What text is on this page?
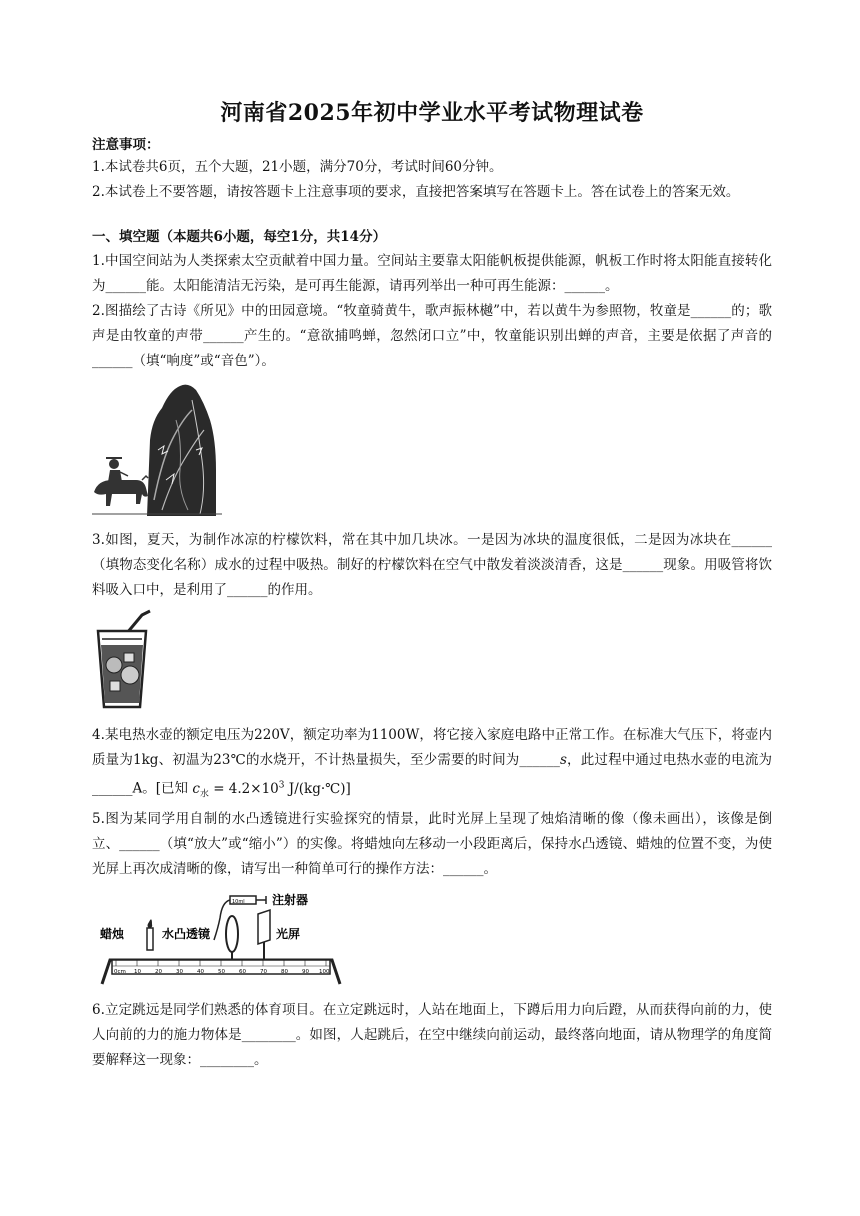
河南省2025年初中学业水平考试物理试卷
注意事项：

1.本试卷共6页，五个大题，21小题，满分70分，考试时间60分钟。

2.本试卷上不要答题，请按答题卡上注意事项的要求，直接把答案填写在答题卡上。答在试卷上的答案无效。

一、填空题（本题共6小题，每空1分，共14分）

1.中国空间站为人类探索太空贡献着中国力量。空间站主要靠太阳能帆板提供能源，帆板工作时将太阳能直接转化为______能。太阳能清洁无污染，是可再生能源，请再列举出一种可再生能源：______。

2.图描绘了古诗《所见》中的田园意境。“牧童骑黄牛，歌声振林樾”中，若以黄牛为参照物，牧童是______的；歌声是由牧童的声带______产生的。“意欲捕鸣蝉，忽然闭口立”中，牧童能识别出蝉的声音，主要是依据了声音的______（填“响度”或“音色”）。

3.如图，夏天，为制作冰凉的柠檬饮料，常在其中加几块冰。一是因为冰块的温度很低，二是因为冰块在______（填物态变化名称）成水的过程中吸热。制好的柠檬饮料在空气中散发着淡淡清香，这是______现象。用吸管将饮料吸入口中，是利用了______的作用。

4.某电热水壶的额定电压为220V，额定功率为1100W，将它接入家庭电路中正常工作。在标准大气压下，将壶内质量为1kg、初温为23℃的水烧开，不计热量损失，至少需要的时间为______s，此过程中通过电热水壶的电流为______A。[已知 $c_水 = 4.2\times 10^3$ J/(kg·℃)]

5.图为某同学用自制的水凸透镜进行实验探究的情景，此时光屏上呈现了烛焰清晰的像（像未画出），该像是倒立、______（填“放大”或“缩小”）的实像。将蜡烛向左移动一小段距离后，保持水凸透镜、蜡烛的位置不变，为使光屏上再次成清晰的像，请写出一种简单可行的操作方法：______。

10ml 注射器
蜡烛	水凸透镜	光屏
0cm 10	20	30	40	50	60	70	80	90 100

6.立定跳远是同学们熟悉的体育项目。在立定跳远时，人站在地面上，下蹲后用力向后蹬，从而获得向前的力，使人向前的力的施力物体是________。如图，人起跳后，在空中继续向前运动，最终落向地面，请从物理学的角度简要解释这一现象：________。
